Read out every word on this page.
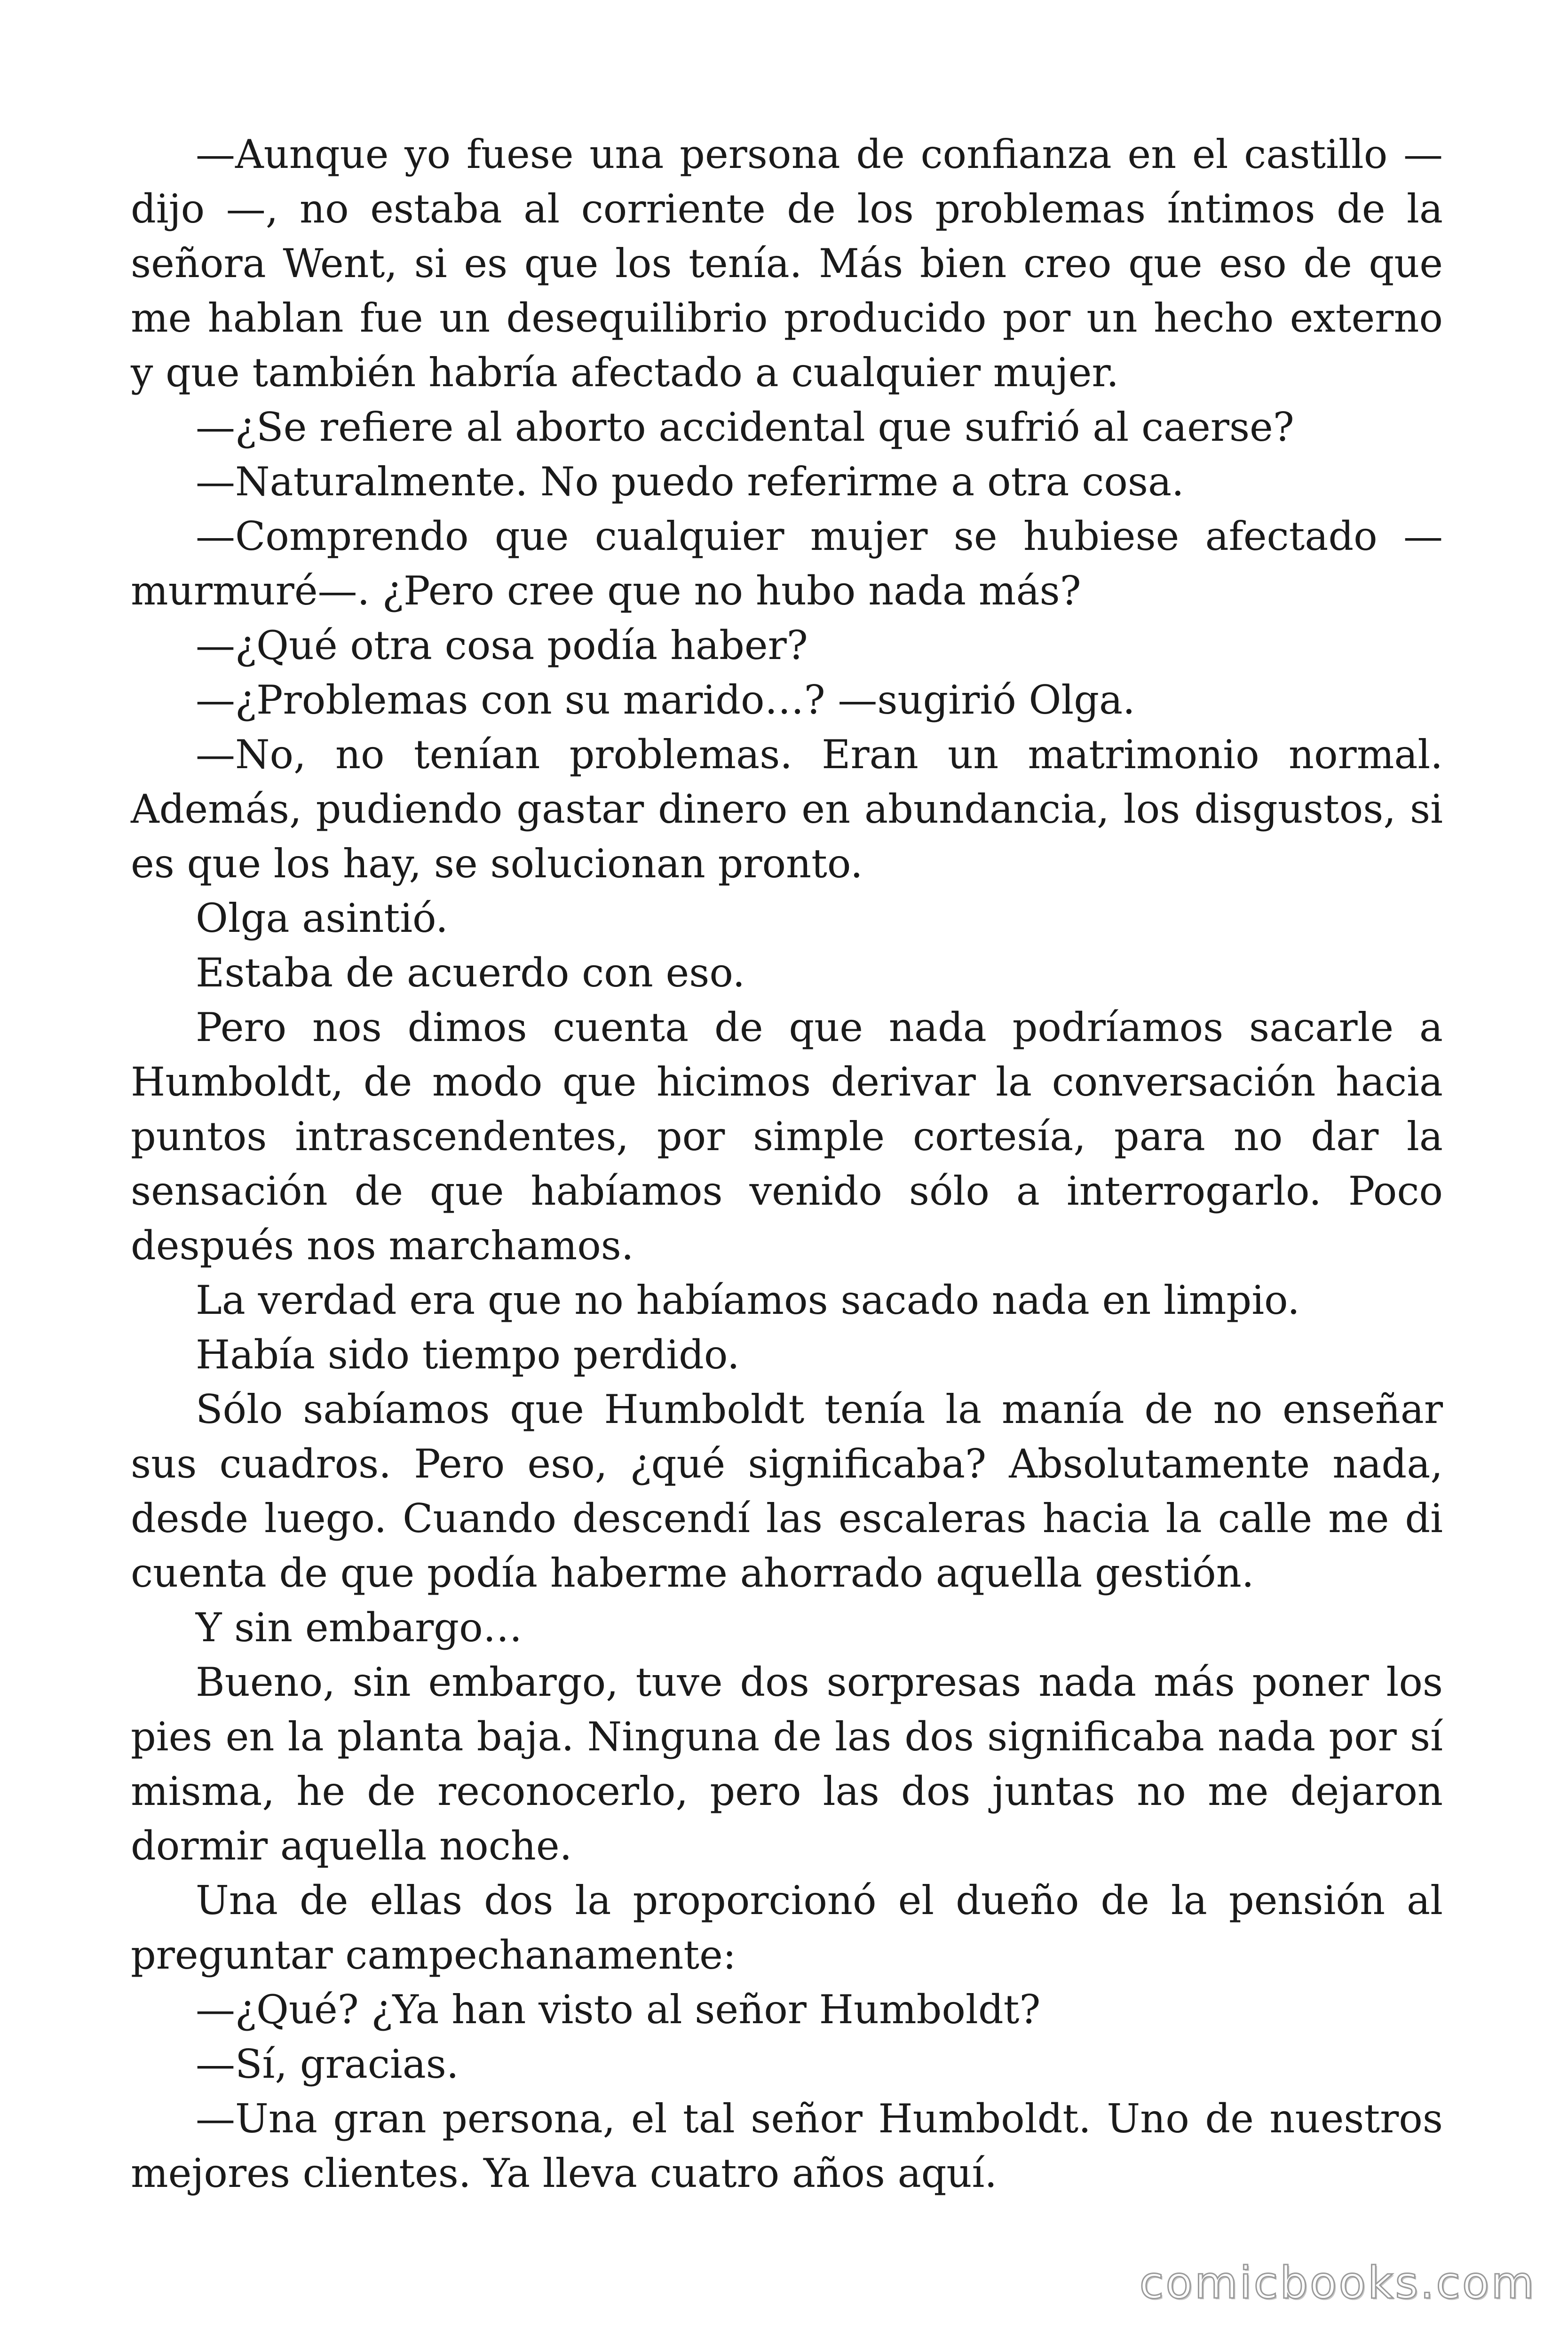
—Aunque yo fuese una persona de confianza en el castillo —dijo —, no estaba al corriente de los problemas íntimos de la señora Went, si es que los tenía. Más bien creo que eso de que me hablan fue un desequilibrio producido por un hecho externo y que también habría afectado a cualquier mujer.

—¿Se refiere al aborto accidental que sufrió al caerse?

—Naturalmente. No puedo referirme a otra cosa.

—Comprendo que cualquier mujer se hubiese afectado —murmuré—. ¿Pero cree que no hubo nada más?

—¿Qué otra cosa podía haber?

—¿Problemas con su marido…? —sugirió Olga.

—No, no tenían problemas. Eran un matrimonio normal. Además, pudiendo gastar dinero en abundancia, los disgustos, si es que los hay, se solucionan pronto.

Olga asintió.

Estaba de acuerdo con eso.

Pero nos dimos cuenta de que nada podríamos sacarle a Humboldt, de modo que hicimos derivar la conversación hacia puntos intrascendentes, por simple cortesía, para no dar la sensación de que habíamos venido sólo a interrogarlo. Poco después nos marchamos.

La verdad era que no habíamos sacado nada en limpio.

Había sido tiempo perdido.

Sólo sabíamos que Humboldt tenía la manía de no enseñar sus cuadros. Pero eso, ¿qué significaba? Absolutamente nada, desde luego. Cuando descendí las escaleras hacia la calle me di cuenta de que podía haberme ahorrado aquella gestión.

Y sin embargo…

Bueno, sin embargo, tuve dos sorpresas nada más poner los pies en la planta baja. Ninguna de las dos significaba nada por sí misma, he de reconocerlo, pero las dos juntas no me dejaron dormir aquella noche.

Una de ellas dos la proporcionó el dueño de la pensión al preguntar campechanamente:

—¿Qué? ¿Ya han visto al señor Humboldt?

—Sí, gracias.

—Una gran persona, el tal señor Humboldt. Uno de nuestros mejores clientes. Ya lleva cuatro años aquí.

comicbooks.com
